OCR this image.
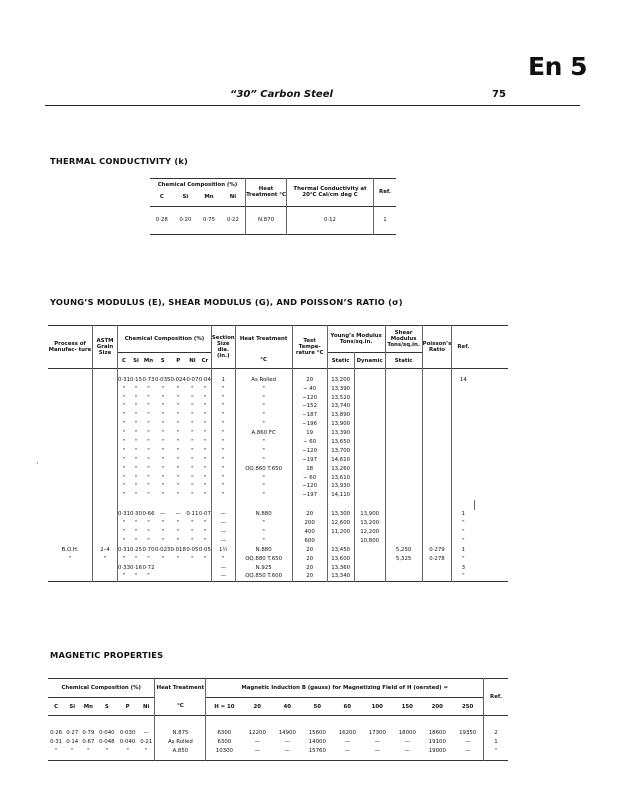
En 5
“30” Carbon Steel	75
THERMAL CONDUCTIVITY (k)
Chemical Composition (%)				Heat Treatment °C	Thermal Conductivity at 20°C Cal/cm deg C	Ref.
C	Si	Mn	Ni			
0·28	0·20	0·75	0·22	N.870	0·12	1
YOUNG’S MODULUS (E), SHEAR MODULUS (G), AND POISSON’S RATIO (σ)
Process of Manufac- ture	ASTM Grain Size	Chemical Composition (%)							Section Size dia. (in.)	Heat Treatment	Test Tempe- rature °C	Young’s Modulus Tons/sq.in.		Shear Modulus Tons/sq.in.	Poisson’s Ratio	Ref.	
		C	Si	Mn	S	P	Ni	Cr		°C		Static	Dynamic	Static			
		0·31	0·15	0·73	0·035	0·024	0·07	0·04	1	As Rolled	20	13,200				14	
		"	"	"	"	"	"	"	"	"	− 40	13,390					
		"	"	"	"	"	"	"	"	"	−120	13,520					
		"	"	"	"	"	"	"	"	"	−152	13,740					
		"	"	"	"	"	"	"	"	"	−187	13,890					
		"	"	"	"	"	"	"	"	"	−196	13,900					
		"	"	"	"	"	"	"	"	A.860 FC	19	13,390					
		"	"	"	"	"	"	"	"	"	− 60	13,650					
		"	"	"	"	"	"	"	"	"	−120	13,700					
		"	"	"	"	"	"	"	"	"	−197	14,610					
		"	"	"	"	"	"	"	"	OQ.860 T.650	18	13,260					
		"	"	"	"	"	"	"	"	"	− 60	13,610					
		"	"	"	"	"	"	"	"	"	−120	13,930					
		"	"	"	"	"	"	"	"	"	−197	14,110					

		0·31	0·30	0·66	—	—	0·11	0·07	—	N.880	20	13,300	13,900			1	
		"	"	"	"	"	"	"	—	"	200	12,600	13,200			"	
		"	"	"	"	"	"	"	—	"	400	11,200	12,200			"	
		"	"	"	"	"	"	"	—	"	600		10,800			"	
B.O.H.	2–4	0·31	0·25	0·70	0·023	0·018	0·05	0·05	1½	N.880	20	13,450		5,250	0·279	1	
"	"	"	"	"	"	"	"	"	"	OQ.880 T.650	20	13,600		5,325	0·278	"	
		0·33	0·16	0·72					—	N.925	20	13,360				3	
		"	"	"					—	OQ.850 T.600	20	13,340				"	
·
MAGNETIC PROPERTIES
Chemical Composition (%)						Heat Treatment	Magnetic Induction B (gauss) for Magnetizing Field of H (oersted) =									Ref.
C	Si	Mn	S	P	Ni	°C	H = 10	20	40	50	60	100	150	200	250	
0·26	0·27	0·79	0·040	0·030	—	N.875	6300	12200	14900	15600	16200	17300	18000	18600	19350	2
0·31	0·14	0·67	0·048	0·040	0·21	As Rolled	6300	—	—	14000	—	—	—	19100	—	1
"	"	"	"	"	"	A.850	10300	—	—	15760	—	—	—	19000	—	"
